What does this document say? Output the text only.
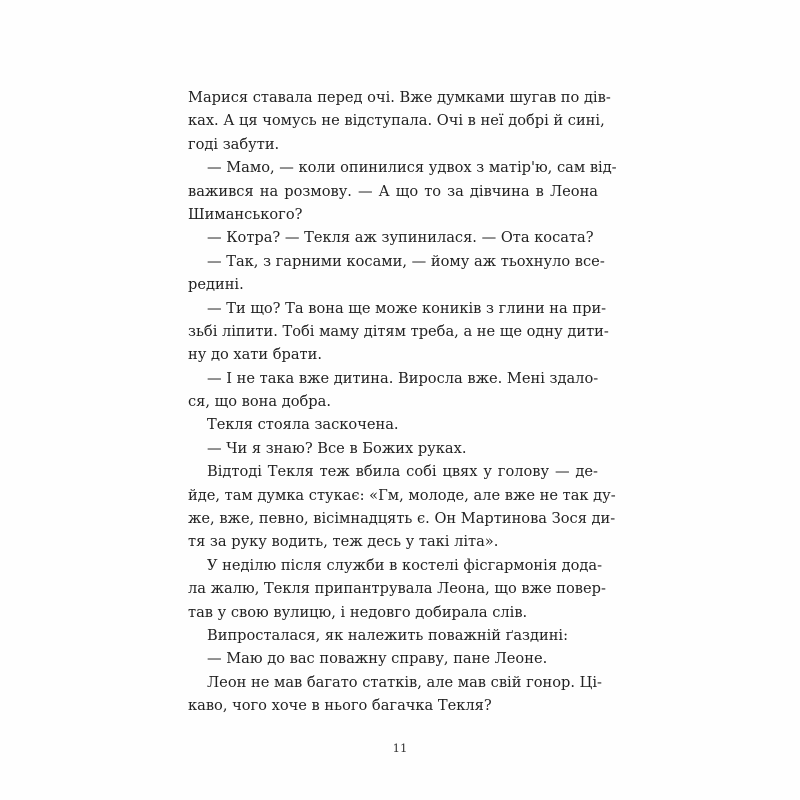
Марися ставала перед очі. Вже думками шугав по дів-
ках. А ця чомусь не відступала. Очі в неї добрі й сині,
годі забути.
— Мамо, — коли опинилися удвох з матір'ю, сам від-
важився на розмову. — А що то за дівчина в Леона
Шиманського?
— Котра? — Текля аж зупинилася. — Ота косата?
— Так, з гарними косами, — йому аж тьохнуло все-
редині.
— Ти що? Та вона ще може коників з глини на при-
зьбі ліпити. Тобі маму дітям треба, а не ще одну дити-
ну до хати брати.
— І не така вже дитина. Виросла вже. Мені здало-
ся, що вона добра.
Текля стояла заскочена.
— Чи я знаю? Все в Божих руках.
Відтоді Текля теж вбила собі цвях у голову — де-
йде, там думка стукає: «Гм, молоде, але вже не так ду-
же, вже, певно, вісімнадцять є. Он Мартинова Зося ди-
тя за руку водить, теж десь у такі літа».
У неділю після служби в костелі фісгармонія дода-
ла жалю, Текля припантрувала Леона, що вже повер-
тав у свою вулицю, і недовго добирала слів.
Випросталася, як належить поважній ґаздині:
— Маю до вас поважну справу, пане Леоне.
Леон не мав багато статків, але мав свій гонор. Ці-
каво, чого хоче в нього багачка Текля?
11
